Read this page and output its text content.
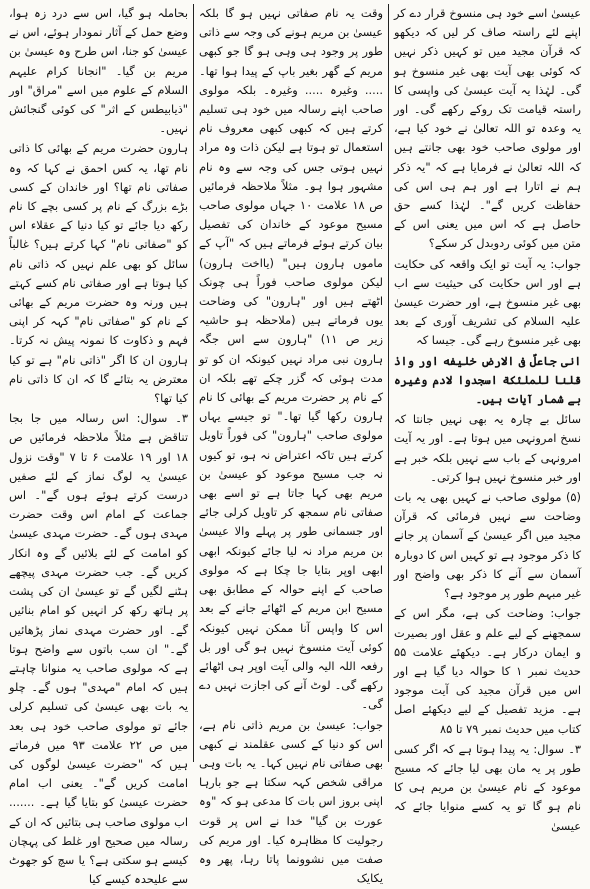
عیسیٰ اسے خود ہی منسوخ قرار دے کر اپنے لئے راستہ صاف کر لیں کہ دیکھو کہ قرآن مجید میں تو کہیں ذکر نہیں کہ کوئی بھی آیت بھی غیر منسوخ ہو گی۔ لہٰذا یہ آیت عیسیٰ کی واپسی کا راستہ قیامت تک روکے رکھے گی۔ اور یہ وعدہ تو اللہ تعالیٰ نے خود کیا ہے، اور مولوی صاحب خود بھی جانتے ہیں کہ اللہ تعالیٰ نے فرمایا ہے کہ "یہ ذکر ہم نے اتارا ہے اور ہم ہی اس کی حفاظت کریں گے"۔ لہٰذا کسے حق حاصل ہے کہ اس میں یعنی اس کے متن میں کوئی ردوبدل کر سکے؟

جواب: یہ آیت تو ایک واقعہ کی حکایت ہے اور اس حکایت کی حیثیت سے اب بھی غیر منسوخ ہے، اور حضرت عیسیٰ علیہ السلام کی تشریف آوری کے بعد بھی غیر منسوخ رہے گی۔ جیسا کہ

انی جاعلٌ فی الارض خلیفه اور واذ قلنا للملئکة اسجدوا لادم وغیرہ بے شمار آیات ہیں۔

سائل بے چارہ یہ بھی نہیں جانتا کہ نسخ امرونہی میں ہوتا ہے۔ اور یہ آیت امرونہی کے باب سے نہیں بلکہ خبر ہے اور خبر منسوخ نہیں ہوا کرتی۔

(۵) مولوی صاحب نے کہیں بھی یہ بات وضاحت سے نہیں فرمائی کہ قرآن مجید میں اگر عیسیٰ کے آسمان پر جانے کا ذکر موجود ہے تو کہیں اس کا دوبارہ آسمان سے آنے کا ذکر بھی واضح اور غیر مبہم طور پر موجود ہے؟

جواب: وضاحت کی ہے، مگر اس کے سمجھنے کے لیے علم و عقل اور بصیرت و ایمان درکار ہے۔ دیکھئے علامت ۵۵ حدیث نمبر ۱ کا حوالہ دیا گیا ہے اور اس میں قرآن مجید کی آیت موجود ہے۔ مزید تفصیل کے لیے دیکھئے اصل کتاب میں حدیث نمبر ۷۹ تا ۸۵

۳۔ سوال: یہ پیدا ہوتا ہے کہ اگر کسی طور پر یہ مان بھی لیا جائے کہ مسیح موعود کے نام عیسیٰ بن مریم ہی کا نام ہو گا تو یہ کسے منوایا جائے کہ عیسیٰ

وقت یہ نام صفاتی نہیں ہو گا بلکہ عیسیٰ بن مریم ہونے کی وجہ سے ذاتی طور پر وجود ہی وہی ہو گا جو کبھی مریم کے گھر بغیر باپ کے پیدا ہوا تھا۔ ..... وغیرہ ..... وغیرہ۔ بلکہ مولوی صاحب اپنے رسالہ میں خود ہی تسلیم کرتے ہیں کہ کبھی کبھی معروف نام استعمال تو ہوتا ہے لیکن ذات وہ مراد نہیں ہوتی جس کی وجہ سے وہ نام مشہور ہوا ہو۔ مثلاً ملاحظہ فرمائیں ص ۱۸ علامت ۱۰ جہاں مولوی صاحب مسیح موعود کے خاندان کی تفصیل بیان کرتے ہوئے فرماتے ہیں کہ "آپ کے ماموں ہارون ہیں" (یااخت ہارون) لیکن مولوی صاحب فوراً ہی چونک اٹھتے ہیں اور "ہارون" کی وضاحت یوں فرماتے ہیں (ملاحظہ ہو حاشیہ زیر ص ۱۱) "ہارون سے اس جگہ ہارون نبی مراد نہیں کیونکہ ان کو تو مدت ہوئی کہ گزر چکے تھے بلکہ ان کے نام پر حضرت مریم کے بھائی کا نام ہارون رکھا گیا تھا۔" تو جیسے یہاں مولوی صاحب "ہارون" کی فوراً تاویل کرتے ہیں تاکہ اعتراض نہ ہو، تو کیوں نہ جب مسیح موعود کو عیسیٰ بن مریم بھی کہا جاتا ہے تو اسے بھی صفاتی نام سمجھ کر تاویل کرلی جائے اور جسمانی طور پر پہلے والا عیسیٰ بن مریم مراد نہ لیا جائے کیونکہ ابھی ابھی اوپر بتایا جا چکا ہے کہ مولوی صاحب کے اپنے حوالہ کے مطابق بھی مسیح ابن مریم کے اٹھائے جانے کے بعد اس کا واپس آنا ممکن نہیں کیونکہ کوئی آیت منسوخ نہیں ہو گی اور بل رفعہ اللہ الیہ والی آیت اوپر ہی اٹھائے رکھے گی۔ لوٹ آنے کی اجازت نہیں دے گی۔

جواب: عیسیٰ بن مریم ذاتی نام ہے، اس کو دنیا کے کسی عقلمند نے کبھی بھی صفاتی نام نہیں کہا۔ یہ بات وہی مراقی شخص کہہ سکتا ہے جو بارہا اپنی بروز اس بات کا مدعی ہو کہ "وہ عورت بن گیا" خدا نے اس پر قوت رجولیت کا مظاہرہ کیا۔ اور مریم کی صفت میں نشوونما پاتا رہا، پھر وہ یکایک

بحاملہ ہو گیا، اس سے درد زہ ہوا، وضع حمل کے آثار نمودار ہوئے، اس نے عیسیٰ کو جنا، اس طرح وہ عیسیٰ بن مریم بن گیا۔ "انجانا کرام علیہم السلام کے علوم میں اسے "مراق" اور "ذیابیطس کے اثر" کی کوئی گنجائش نہیں۔

ہارون حضرت مریم کے بھائی کا ذاتی نام تھا، یہ کس احمق نے کہا کہ وہ صفاتی نام تھا؟ اور خاندان کے کسی بڑے بزرگ کے نام پر کسی بچے کا نام رکھ دیا جائے تو کیا دنیا کے عقلاء اس کو "صفاتی نام" کہا کرتے ہیں؟ غالباً سائل کو بھی علم نہیں کہ ذاتی نام کیا ہوتا ہے اور صفاتی نام کسے کہتے ہیں ورنہ وہ حضرت مریم کے بھائی کے نام کو "صفاتی نام" کہہ کر اپنی فہم و ذکاوت کا نمونہ پیش نہ کرتا۔ ہارون ان کا اگر "ذاتی نام" ہے تو کیا معترض یہ بتائے گا کہ ان کا ذاتی نام کیا تھا؟

۳۔ سوال: اس رسالہ میں جا بجا تناقض ہے مثلاً ملاحظہ فرمائیں ص ۱۸ اور ۱۹ علامت ۶ تا ۷ "وقت نزول عیسیٰ یہ لوگ نماز کے لئے صفیں درست کرتے ہوئے ہوں گے"۔ اس جماعت کے امام اس وقت حضرت مہدی ہوں گے۔ حضرت مہدی عیسیٰ کو امامت کے لئے بلائیں گے وہ انکار کریں گے۔ جب حضرت مہدی پیچھے ہٹنے لگیں گے تو عیسیٰ ان کی پشت پر ہاتھ رکھ کر انہیں کو امام بنائیں گے۔ اور حضرت مہدی نماز پڑھائیں گے۔" ان سب باتوں سے واضح ہوتا ہے کہ مولوی صاحب یہ منوانا چاہتے ہیں کہ امام "مہدی" ہوں گے۔ چلو یہ بات بھی عیسیٰ کی تسلیم کرلی جائے تو مولوی صاحب خود ہی بعد میں ص ۲۲ علامت ۹۳ میں فرماتے ہیں کہ "حضرت عیسیٰ لوگوں کی امامت کریں گے"۔ یعنی اب امام حضرت عیسیٰ کو بتایا گیا ہے۔ ....... اب مولوی صاحب ہی بتائیں کہ ان کے رسالہ میں صحیح اور غلط کی پہچان کیسے ہو سکتی ہے؟ یا سچ کو جھوٹ سے علیحدہ کیسے کیا
